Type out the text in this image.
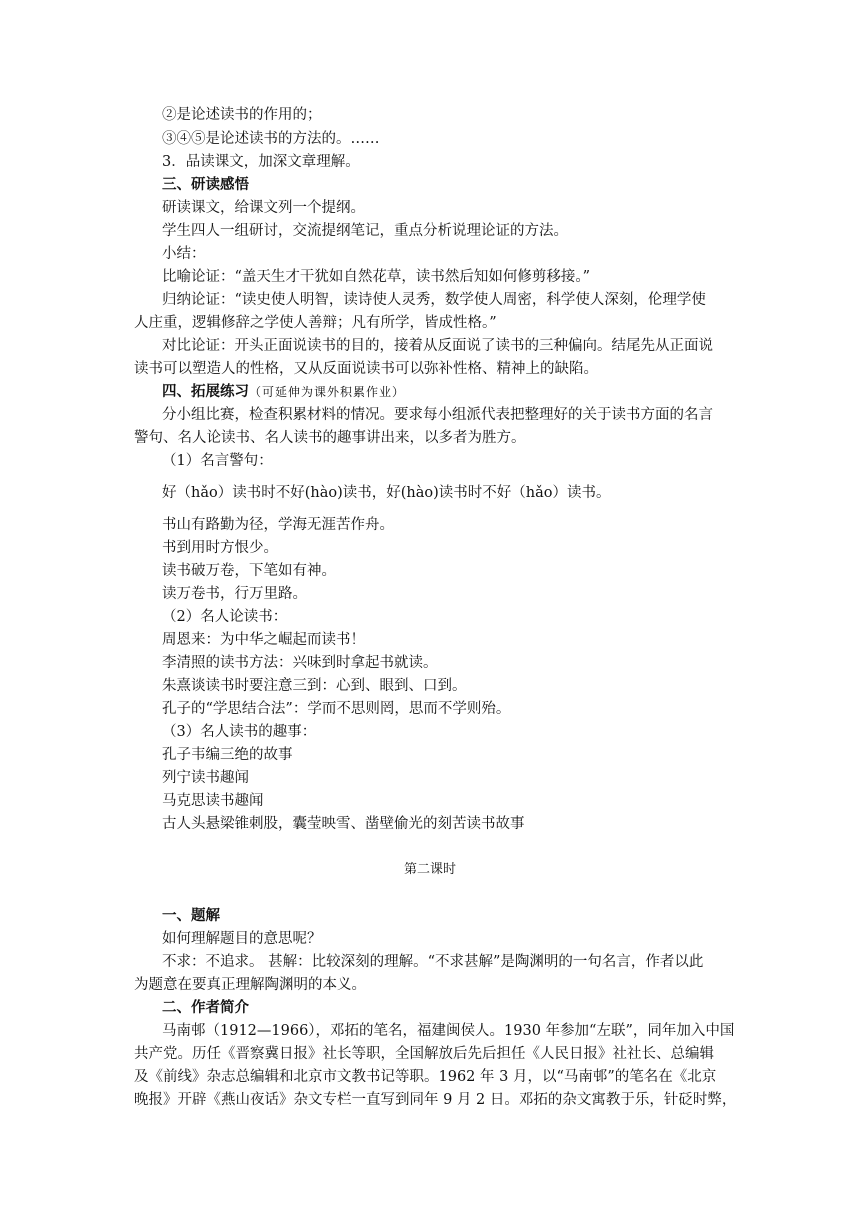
②是论述读书的作用的；
③④⑤是论述读书的方法的。……
3．品读课文，加深文章理解。
三、研读感悟
研读课文，给课文列一个提纲。
学生四人一组研讨，交流提纲笔记，重点分析说理论证的方法。
小结：
比喻论证：“盖天生才干犹如自然花草，读书然后知如何修剪移接。”
归纳论证：“读史使人明智，读诗使人灵秀，数学使人周密，科学使人深刻，伦理学使
人庄重，逻辑修辞之学使人善辩；凡有所学，皆成性格。”
对比论证：开头正面说读书的目的，接着从反面说了读书的三种偏向。结尾先从正面说
读书可以塑造人的性格，又从反面说读书可以弥补性格、精神上的缺陷。
四、拓展练习（可延伸为课外积累作业）
分小组比赛，检查积累材料的情况。要求每小组派代表把整理好的关于读书方面的名言
警句、名人论读书、名人读书的趣事讲出来，以多者为胜方。
（1）名言警句：
好（hǎo）读书时不好(hào)读书，好(hào)读书时不好（hǎo）读书。
书山有路勤为径，学海无涯苦作舟。
书到用时方恨少。
读书破万卷，下笔如有神。
读万卷书，行万里路。
（2）名人论读书：
周恩来：为中华之崛起而读书！
李清照的读书方法：兴味到时拿起书就读。
朱熹谈读书时要注意三到：心到、眼到、口到。
孔子的“学思结合法”：学而不思则罔，思而不学则殆。
（3）名人读书的趣事：
孔子韦编三绝的故事
列宁读书趣闻
马克思读书趣闻
古人头悬梁锥刺股，囊莹映雪、凿壁偷光的刻苦读书故事
第二课时
一、题解
如何理解题目的意思呢？
不求：不追求。 甚解：比较深刻的理解。“不求甚解”是陶渊明的一句名言，作者以此
为题意在要真正理解陶渊明的本义。
二、作者简介
马南邨（1912—1966），邓拓的笔名，福建闽侯人。1930 年参加“左联”，同年加入中国
共产党。历任《晋察冀日报》社长等职，全国解放后先后担任《人民日报》社社长、总编辑
及《前线》杂志总编辑和北京市文教书记等职。1962 年 3 月，以“马南邨”的笔名在《北京
晚报》开辟《燕山夜话》杂文专栏一直写到同年 9 月 2 日。邓拓的杂文寓教于乐，针砭时弊，
